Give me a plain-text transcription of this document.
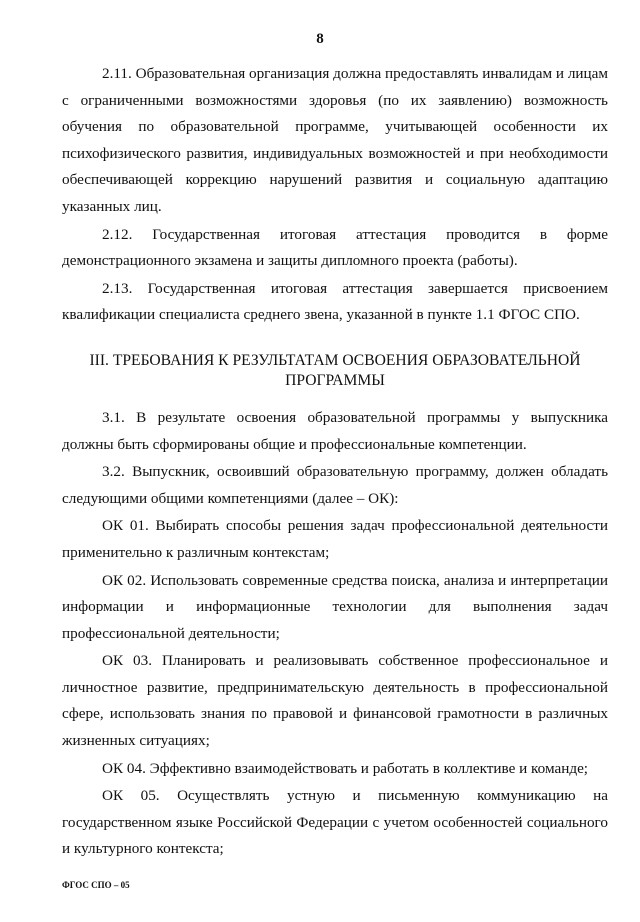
8

2.11. Образовательная организация должна предоставлять инвалидам и лицам с ограниченными возможностями здоровья (по их заявлению) возможность обучения по образовательной программе, учитывающей особенности их психофизического развития, индивидуальных возможностей и при необходимости обеспечивающей коррекцию нарушений развития и социальную адаптацию указанных лиц.

2.12. Государственная итоговая аттестация проводится в форме демонстрационного экзамена и защиты дипломного проекта (работы).

2.13. Государственная итоговая аттестация завершается присвоением квалификации специалиста среднего звена, указанной в пункте 1.1 ФГОС СПО.

III. ТРЕБОВАНИЯ К РЕЗУЛЬТАТАМ ОСВОЕНИЯ ОБРАЗОВАТЕЛЬНОЙ ПРОГРАММЫ

3.1. В результате освоения образовательной программы у выпускника должны быть сформированы общие и профессиональные компетенции.

3.2. Выпускник, освоивший образовательную программу, должен обладать следующими общими компетенциями (далее – ОК):

ОК 01. Выбирать способы решения задач профессиональной деятельности применительно к различным контекстам;

ОК 02. Использовать современные средства поиска, анализа и интерпретации информации и информационные технологии для выполнения задач профессиональной деятельности;

ОК 03. Планировать и реализовывать собственное профессиональное и личностное развитие, предпринимательскую деятельность в профессиональной сфере, использовать знания по правовой и финансовой грамотности в различных жизненных ситуациях;

ОК 04. Эффективно взаимодействовать и работать в коллективе и команде;

ОК 05. Осуществлять устную и письменную коммуникацию на государственном языке Российской Федерации с учетом особенностей социального и культурного контекста;

ФГОС СПО – 05
